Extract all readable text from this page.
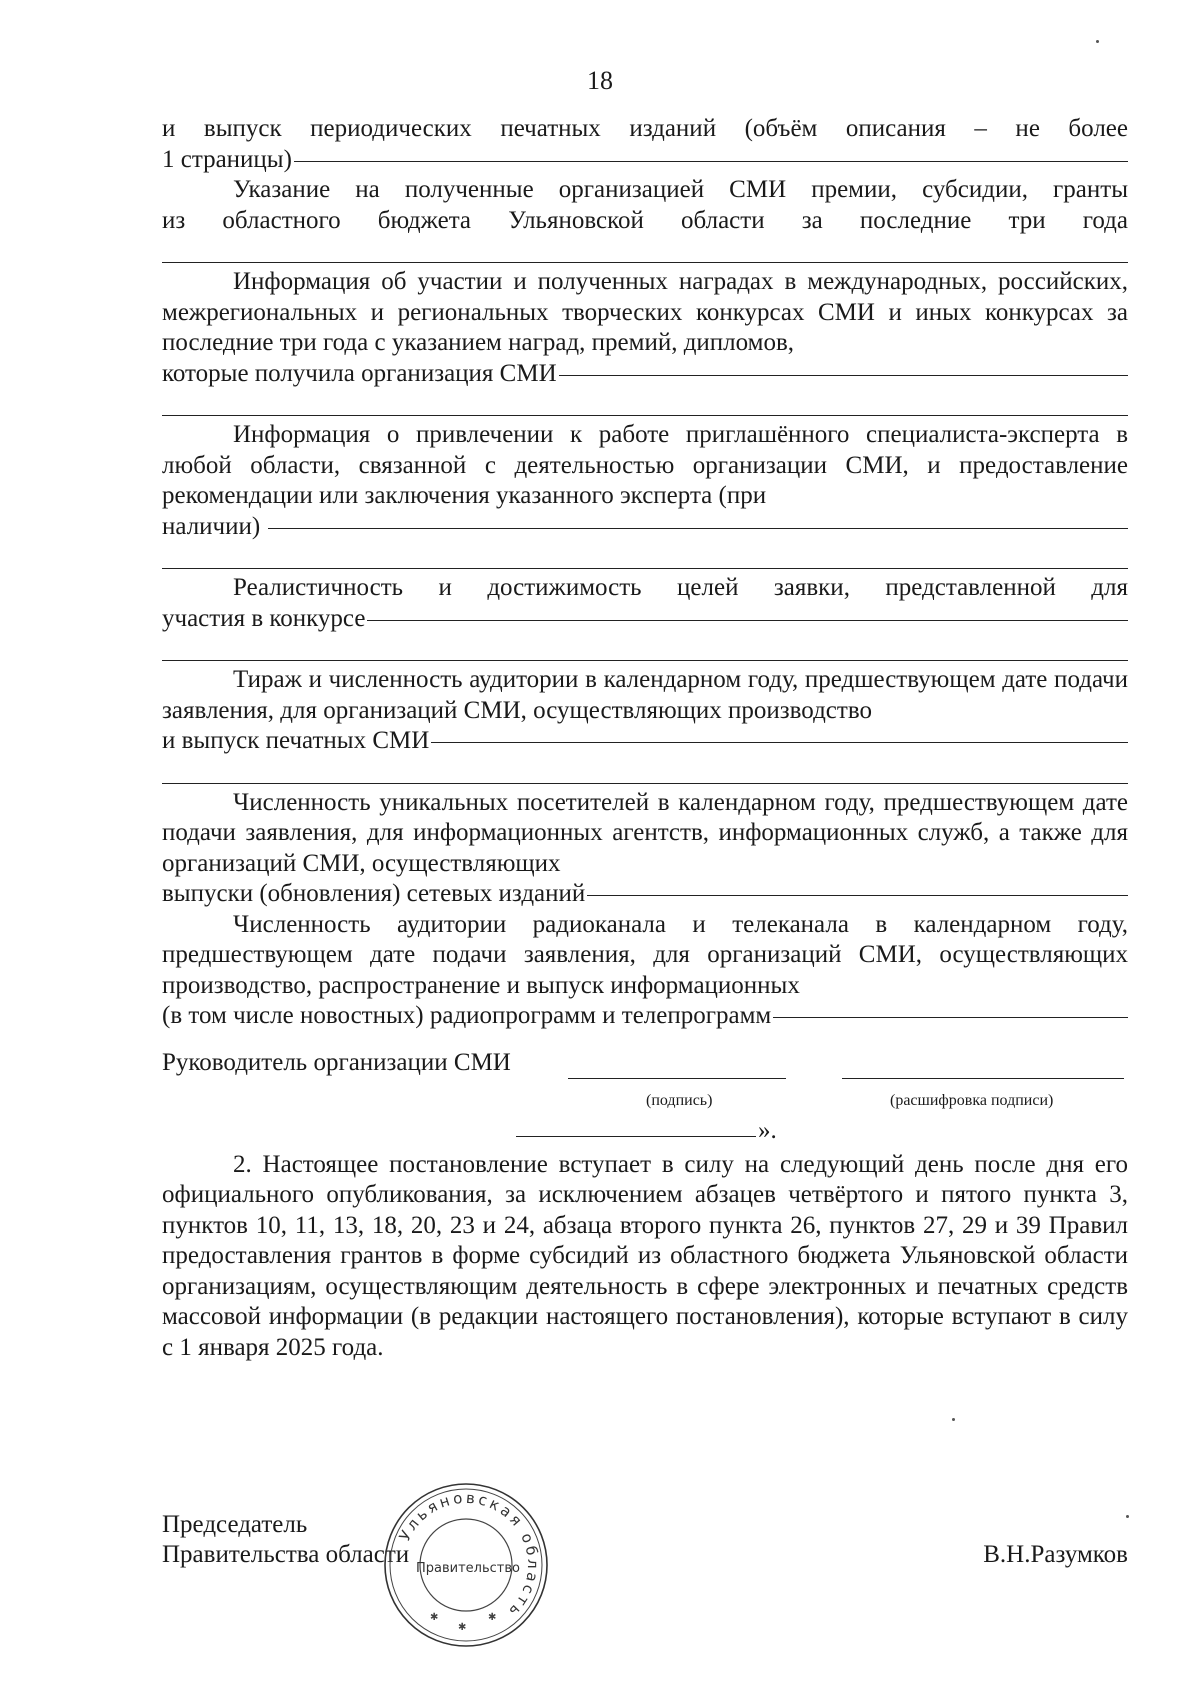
18

и выпуск периодических печатных изданий (объём описания – не более

1 страницы)

Указание на полученные организацией СМИ премии, субсидии, гранты

из областного бюджета Ульяновской области за последние три года

Информация об участии и полученных наградах в международных, российских, межрегиональных и региональных творческих конкурсах СМИ и иных конкурсах за последние три года с указанием наград, премий, дипломов,

которые получила организация СМИ

Информация о привлечении к работе приглашённого специалиста-эксперта в любой области, связанной с деятельностью организации СМИ, и предоставление рекомендации или заключения указанного эксперта (при

наличии)

Реалистичность и достижимость целей заявки, представленной для

участия в конкурсе

Тираж и численность аудитории в календарном году, предшествующем дате подачи заявления, для организаций СМИ, осуществляющих производство

и выпуск печатных СМИ

Численность уникальных посетителей в календарном году, предшествующем дате подачи заявления, для информационных агентств, информационных служб, а также для организаций СМИ, осуществляющих

выпуски (обновления) сетевых изданий

Численность аудитории радиоканала и телеканала в календарном году, предшествующем дате подачи заявления, для организаций СМИ, осуществляющих производство, распространение и выпуск информационных

(в том числе новостных) радиопрограмм и телепрограмм
Руководитель организации СМИ
(подпись)	(расшифровка подписи)
».

2. Настоящее постановление вступает в силу на следующий день после дня его официального опубликования, за исключением абзацев четвёртого и пятого пункта 3, пунктов 10, 11, 13, 18, 20, 23 и 24, абзаца второго пункта 26, пунктов 27, 29 и 39 Правил предоставления грантов в форме субсидий из областного бюджета Ульяновской области организациям, осуществляющим деятельность в сфере электронных и печатных средств массовой информации (в редакции настоящего постановления), которые вступают в силу с 1 января 2025 года.

Председатель
Правительства области	В.Н.Разумков
Ульяновская область
Правительство
✱
✱
✱
